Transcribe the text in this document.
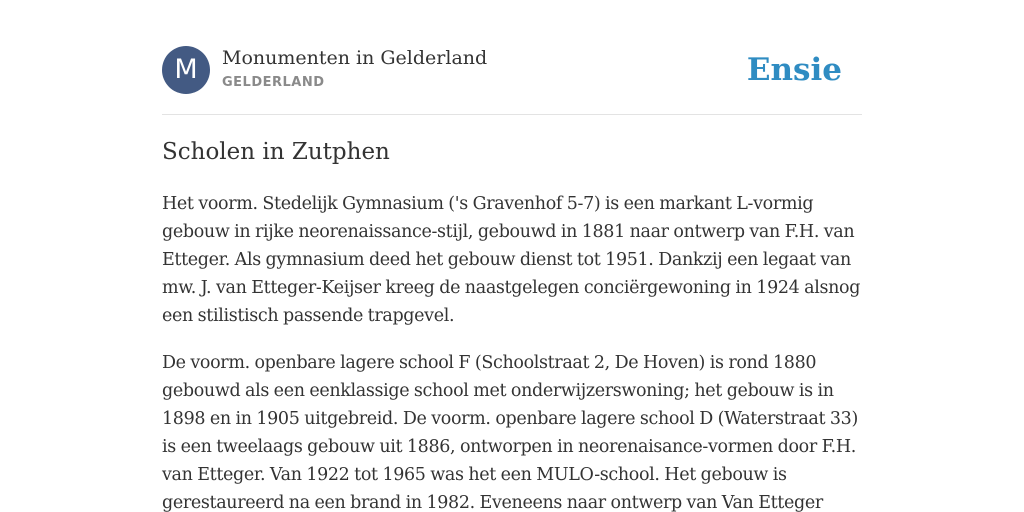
M	Monumenten in Gelderland
GELDERLAND	Ensie
Scholen in Zutphen

Het voorm. Stedelijk Gymnasium ('s Gravenhof 5-7) is een markant L-vormig gebouw in rijke neorenaissance-stijl, gebouwd in 1881 naar ontwerp van F.H. van Etteger. Als gymnasium deed het gebouw dienst tot 1951. Dankzij een legaat van mw. J. van Etteger-Keijser kreeg de naastgelegen conciërgewoning in 1924 alsnog een stilistisch passende trapgevel.

De voorm. openbare lagere school F (Schoolstraat 2, De Hoven) is rond 1880 gebouwd als een eenklassige school met onderwijzerswoning; het gebouw is in 1898 en in 1905 uitgebreid. De voorm. openbare lagere school D (Waterstraat 33) is een tweelaags gebouw uit 1886, ontworpen in neorenaisance-vormen door F.H. van Etteger. Van 1922 tot 1965 was het een MULO-school. Het gebouw is gerestaureerd na een brand in 1982. Eveneens naar ontwerp van Van Etteger
